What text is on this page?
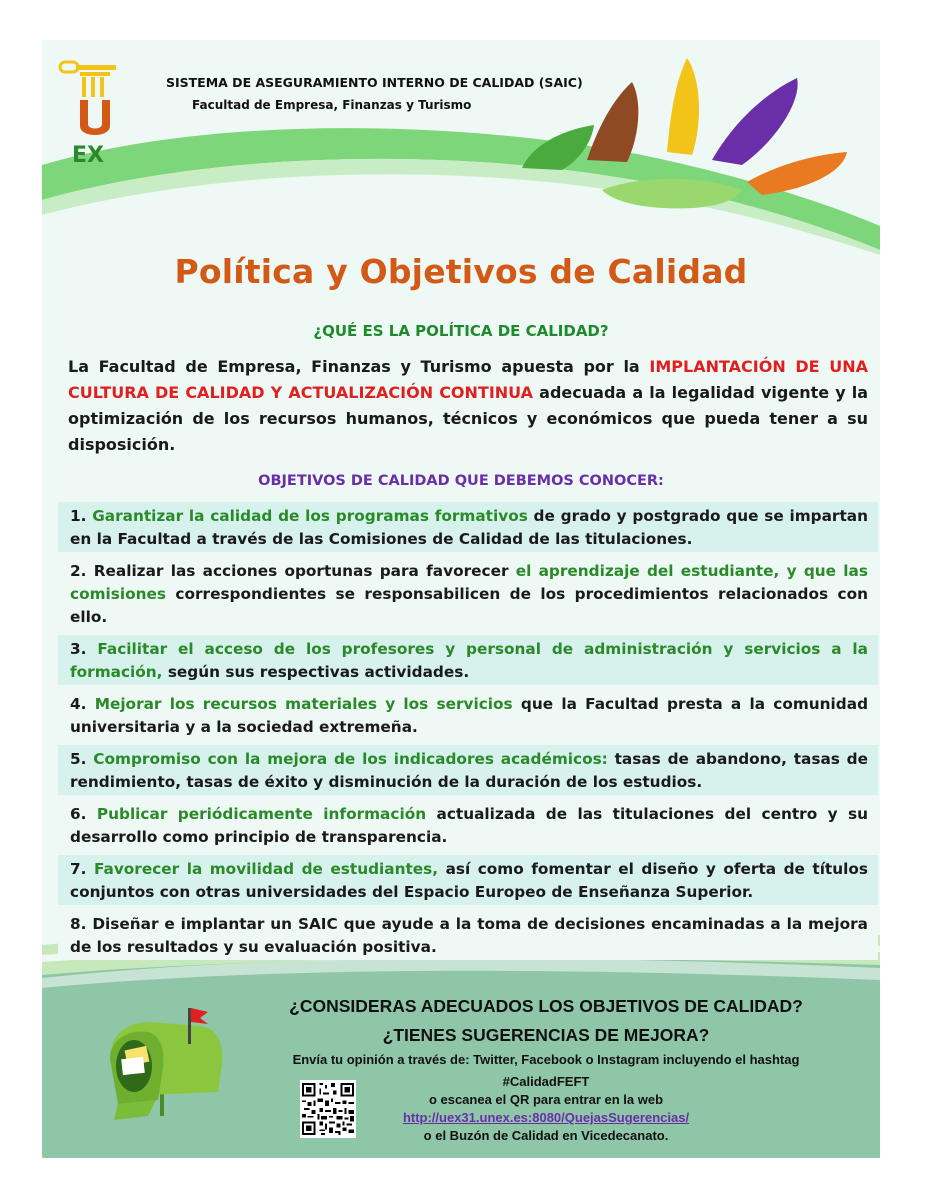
EX
SISTEMA DE ASEGURAMIENTO INTERNO DE CALIDAD (SAIC)
Facultad de Empresa, Finanzas y Turismo
Política y Objetivos de Calidad
¿QUÉ ES LA POLÍTICA DE CALIDAD?
La Facultad de Empresa, Finanzas y Turismo apuesta por la IMPLANTACIÓN DE UNA CULTURA DE CALIDAD Y ACTUALIZACIÓN CONTINUA adecuada a la legalidad vigente y la optimización de los recursos humanos, técnicos y económicos que pueda tener a su disposición.
OBJETIVOS DE CALIDAD QUE DEBEMOS CONOCER:
1. Garantizar la calidad de los programas formativos de grado y postgrado que se impartan en la Facultad a través de las Comisiones de Calidad de las titulaciones.
2. Realizar las acciones oportunas para favorecer el aprendizaje del estudiante, y que las comisiones correspondientes se responsabilicen de los procedimientos relacionados con ello.
3. Facilitar el acceso de los profesores y personal de administración y servicios a la formación, según sus respectivas actividades.
4. Mejorar los recursos materiales y los servicios que la Facultad presta a la comunidad universitaria y a la sociedad extremeña.
5. Compromiso con la mejora de los indicadores académicos: tasas de abandono, tasas de rendimiento, tasas de éxito y disminución de la duración de los estudios.
6. Publicar periódicamente información actualizada de las titulaciones del centro y su desarrollo como principio de transparencia.
7. Favorecer la movilidad de estudiantes, así como fomentar el diseño y oferta de títulos conjuntos con otras universidades del Espacio Europeo de Enseñanza Superior.
8. Diseñar e implantar un SAIC que ayude a la toma de decisiones encaminadas a la mejora de los resultados y su evaluación positiva.
¿CONSIDERAS ADECUADOS LOS OBJETIVOS DE CALIDAD?
¿TIENES SUGERENCIAS DE MEJORA?
Envía tu opinión a través de: Twitter, Facebook o Instagram incluyendo el hashtag
#CalidadFEFT
o escanea el QR para entrar en la web
http://uex31.unex.es:8080/QuejasSugerencias/
o el Buzón de Calidad en Vicedecanato.
